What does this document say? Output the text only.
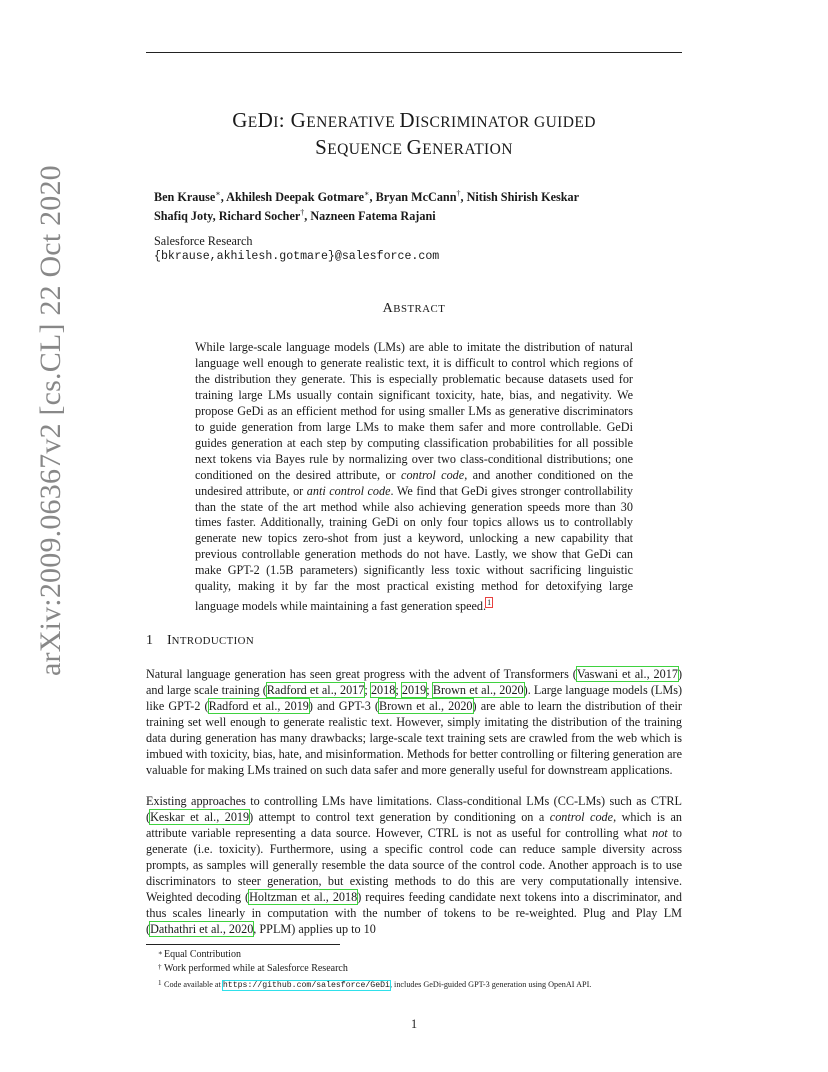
arXiv:2009.06367v2 [cs.CL] 22 Oct 2020
GEDI: GENERATIVE DISCRIMINATOR GUIDED
SEQUENCE GENERATION
Ben Krause∗, Akhilesh Deepak Gotmare∗, Bryan McCann†, Nitish Shirish Keskar
Shafiq Joty, Richard Socher†, Nazneen Fatema Rajani
Salesforce Research
{bkrause,akhilesh.gotmare}@salesforce.com
ABSTRACT
While large-scale language models (LMs) are able to imitate the distribution of natural language well enough to generate realistic text, it is difficult to control which regions of the distribution they generate. This is especially problematic because datasets used for training large LMs usually contain significant toxicity, hate, bias, and negativity. We propose GeDi as an efficient method for using smaller LMs as generative discriminators to guide generation from large LMs to make them safer and more controllable. GeDi guides generation at each step by computing classification probabilities for all possible next tokens via Bayes rule by normalizing over two class-conditional distributions; one conditioned on the desired attribute, or control code, and another conditioned on the undesired attribute, or anti control code. We find that GeDi gives stronger controllability than the state of the art method while also achieving generation speeds more than 30 times faster. Additionally, training GeDi on only four topics allows us to controllably generate new topics zero-shot from just a keyword, unlocking a new capability that previous controllable generation methods do not have. Lastly, we show that GeDi can make GPT-2 (1.5B parameters) significantly less toxic without sacrificing linguistic quality, making it by far the most practical existing method for detoxifying large language models while maintaining a fast generation speed.$^1$
1 INTRODUCTION
Natural language generation has seen great progress with the advent of Transformers (Vaswani et al., 2017) and large scale training (Radford et al., 2017; 2018; 2019; Brown et al., 2020). Large language models (LMs) like GPT-2 (Radford et al., 2019) and GPT-3 (Brown et al., 2020) are able to learn the distribution of their training set well enough to generate realistic text. However, simply imitating the distribution of the training data during generation has many drawbacks; large-scale text training sets are crawled from the web which is imbued with toxicity, bias, hate, and misinformation. Methods for better controlling or filtering generation are valuable for making LMs trained on such data safer and more generally useful for downstream applications.
Existing approaches to controlling LMs have limitations. Class-conditional LMs (CC-LMs) such as CTRL (Keskar et al., 2019) attempt to control text generation by conditioning on a control code, which is an attribute variable representing a data source. However, CTRL is not as useful for controlling what not to generate (i.e. toxicity). Furthermore, using a specific control code can reduce sample diversity across prompts, as samples will generally resemble the data source of the control code. Another approach is to use discriminators to steer generation, but existing methods to do this are very computationally intensive. Weighted decoding (Holtzman et al., 2018) requires feeding candidate next tokens into a discriminator, and thus scales linearly in computation with the number of tokens to be re-weighted. Plug and Play LM (Dathathri et al., 2020, PPLM) applies up to 10
∗ Equal Contribution
† Work performed while at Salesforce Research
1 Code available at https://github.com/salesforce/GeDi, includes GeDi-guided GPT-3 generation using OpenAI API.
1
